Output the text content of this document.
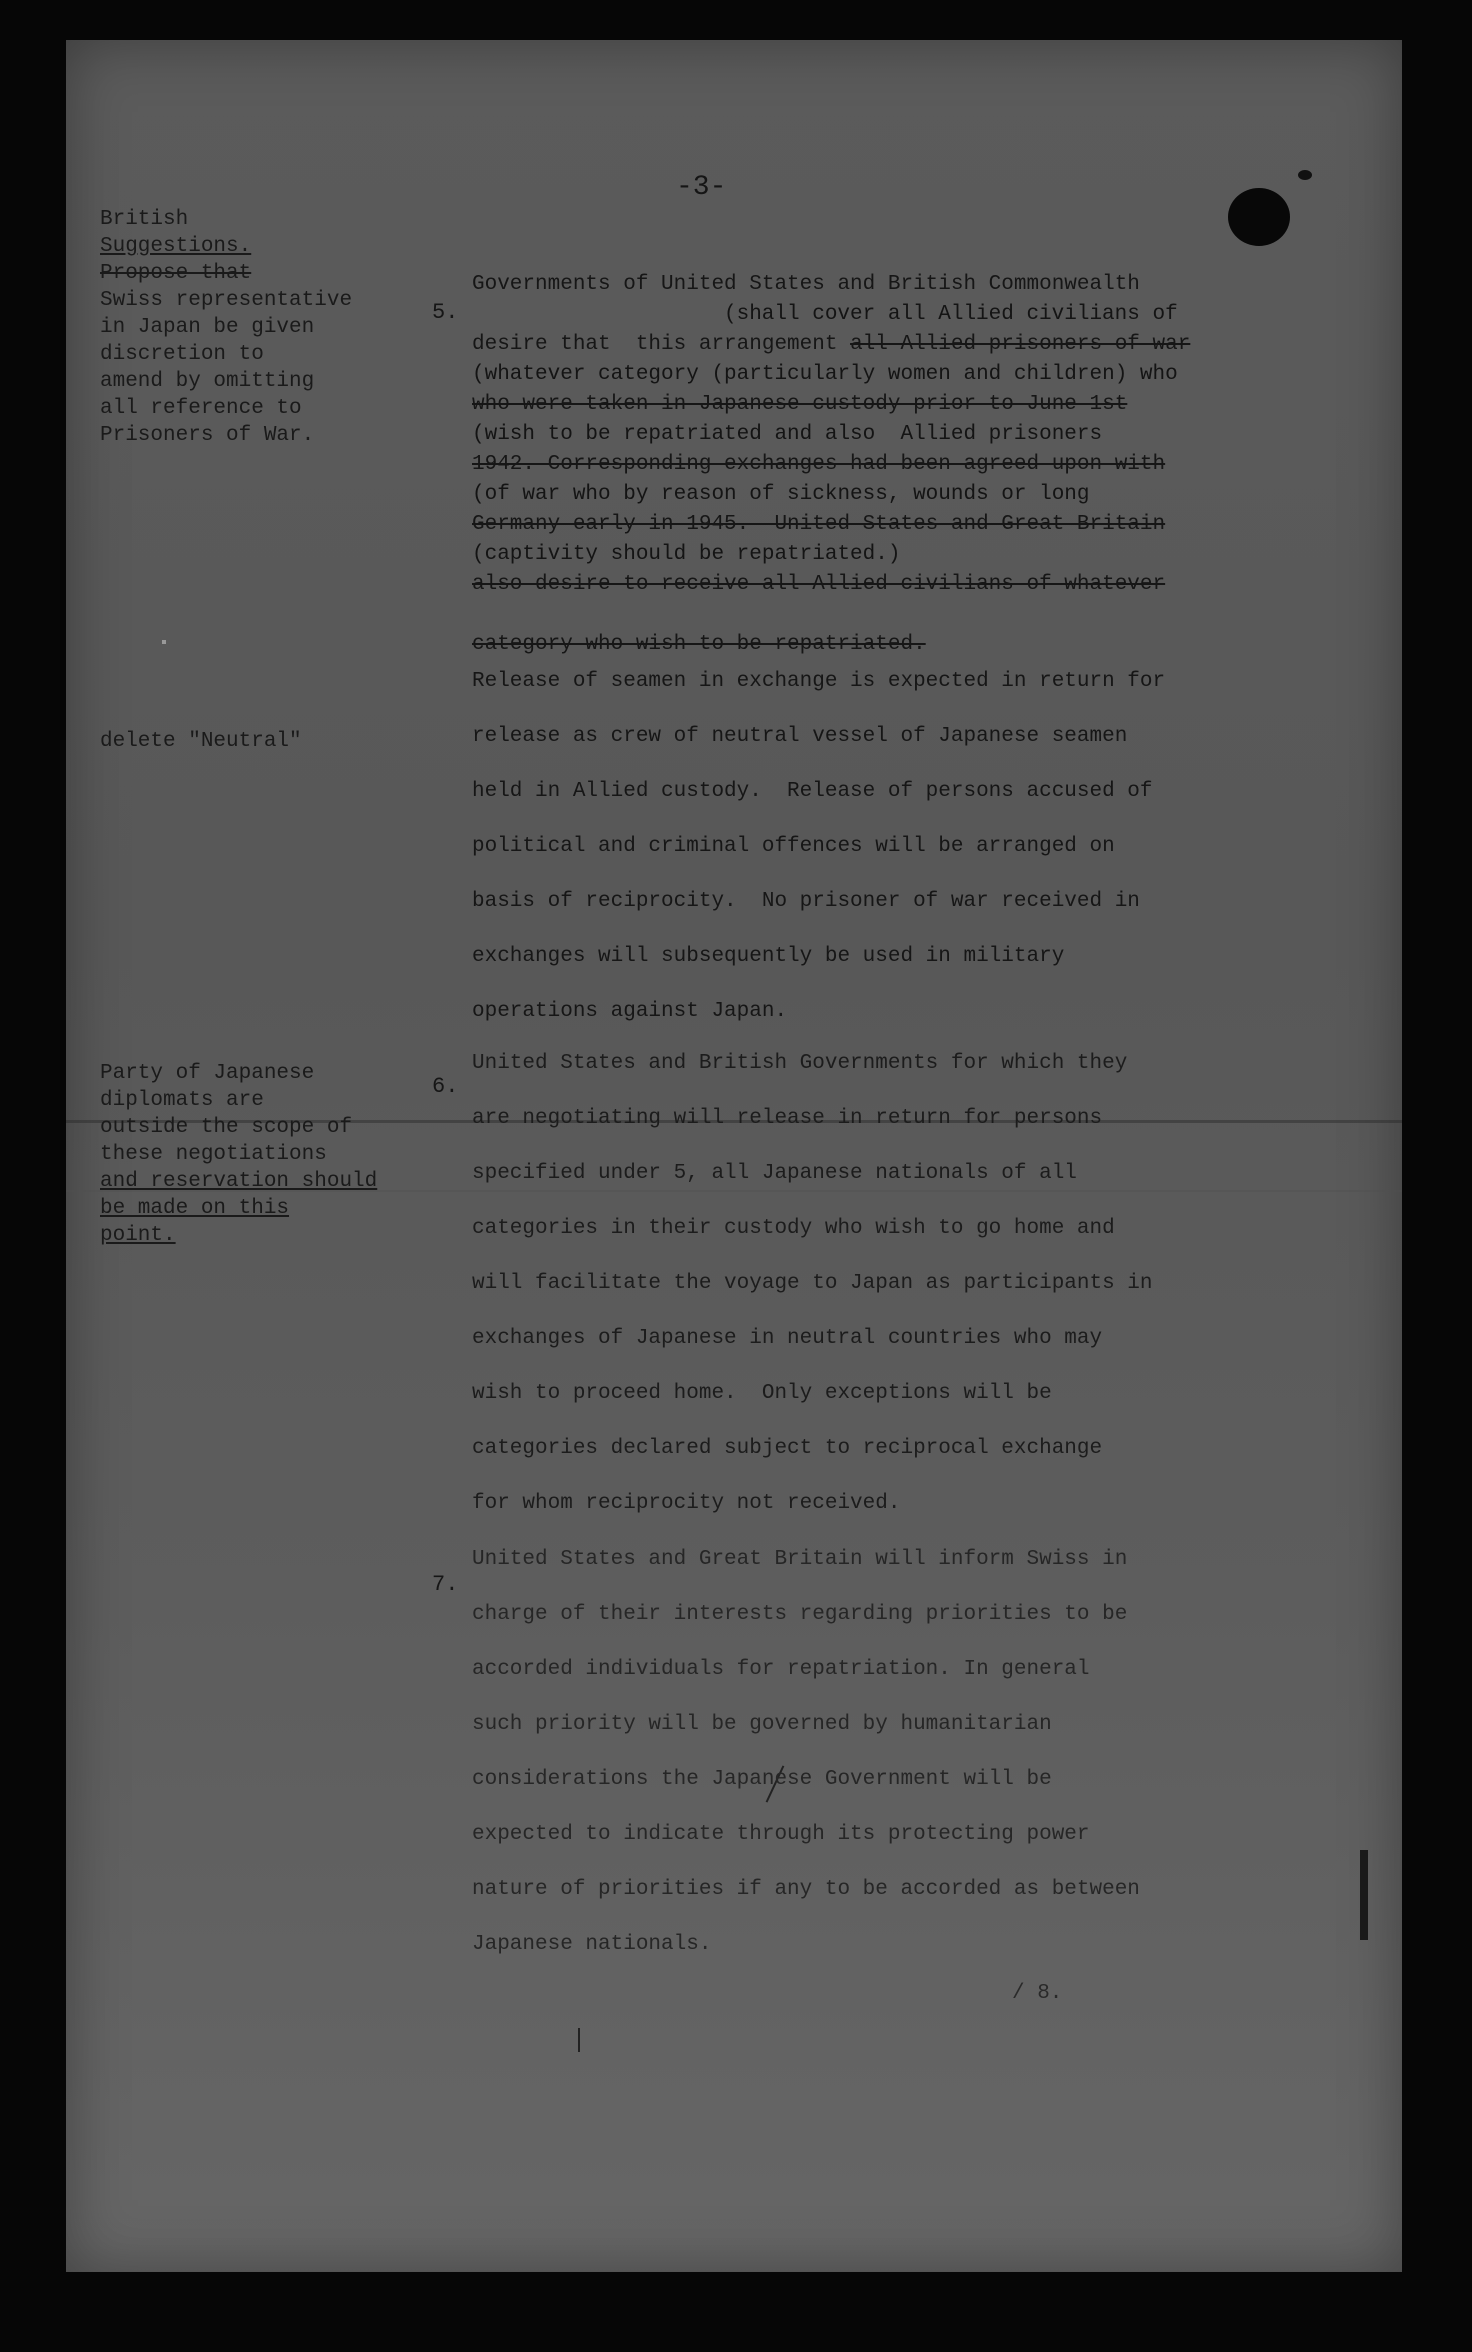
-3-
British
Suggestions.
Propose that
Swiss representative
in Japan be given
discretion to
amend by omitting
all reference to
Prisoners of War.
delete "Neutral"
Party of Japanese
diplomats are
outside the scope of
these negotiations
and reservation should
be made on this
point.
5.
Governments of United States and British Commonwealth
(shall cover all Allied civilians of
desire that  this arrangement all Allied prisoners of war
(whatever category (particularly women and children) who
who were taken in Japanese custody prior to June 1st
(wish to be repatriated and also  Allied prisoners
1942. Corresponding exchanges had been agreed upon with
(of war who by reason of sickness, wounds or long
Germany early in 1945.  United States and Great Britain
(captivity should be repatriated.)
also desire to receive all Allied civilians of whatever

category who wish to be repatriated.
Release of seamen in exchange is expected in return for
release as crew of neutral vessel of Japanese seamen
held in Allied custody.  Release of persons accused of
political and criminal offences will be arranged on
basis of reciprocity.  No prisoner of war received in
exchanges will subsequently be used in military
operations against Japan.
6.
United States and British Governments for which they
are negotiating will release in return for persons
specified under 5, all Japanese nationals of all
categories in their custody who wish to go home and
will facilitate the voyage to Japan as participants in
exchanges of Japanese in neutral countries who may
wish to proceed home.  Only exceptions will be
categories declared subject to reciprocal exchange
for whom reciprocity not received.
7.
United States and Great Britain will inform Swiss in
charge of their interests regarding priorities to be
accorded individuals for repatriation. In general
such priority will be governed by humanitarian
considerations the Japanese Government will be
expected to indicate through its protecting power
nature of priorities if any to be accorded as between
Japanese nationals.
/ 8.
